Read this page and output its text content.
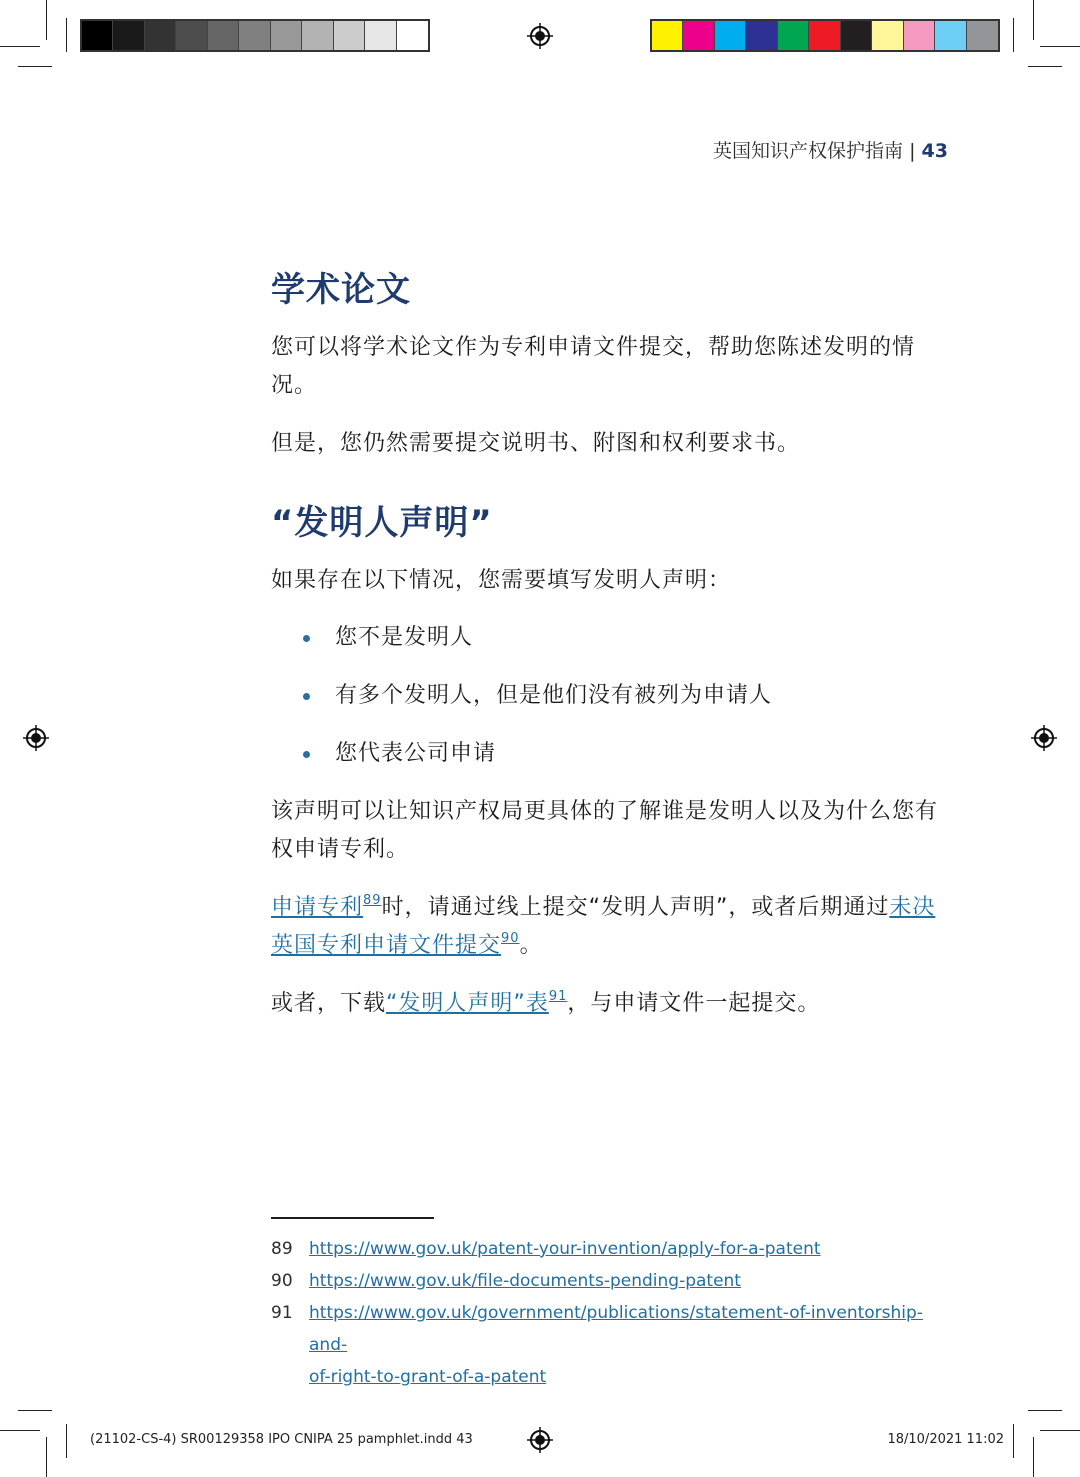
英国知识产权保护指南 | 43
学术论文

您可以将学术论文作为专利申请文件提交，帮助您陈述发明的情况。

但是，您仍然需要提交说明书、附图和权利要求书。

“发明人声明”

如果存在以下情况，您需要填写发明人声明：

您不是发明人
有多个发明人，但是他们没有被列为申请人
您代表公司申请

该声明可以让知识产权局更具体的了解谁是发明人以及为什么您有权申请专利。

申请专利$^{89}$时，请通过线上提交“发明人声明”，或者后期通过未决英国专利申请文件提交$^{90}$。

或者，下载“发明人声明”表$^{91}$，与申请文件一起提交。

89 https://www.gov.uk/patent-your-invention/apply-for-a-patent
90 https://www.gov.uk/file-documents-pending-patent
91 https://www.gov.uk/government/publications/statement-of-inventorship-and-
of-right-to-grant-of-a-patent
(21102-CS-4) SR00129358 IPO CNIPA 25 pamphlet.indd 43	18/10/2021 11:02
